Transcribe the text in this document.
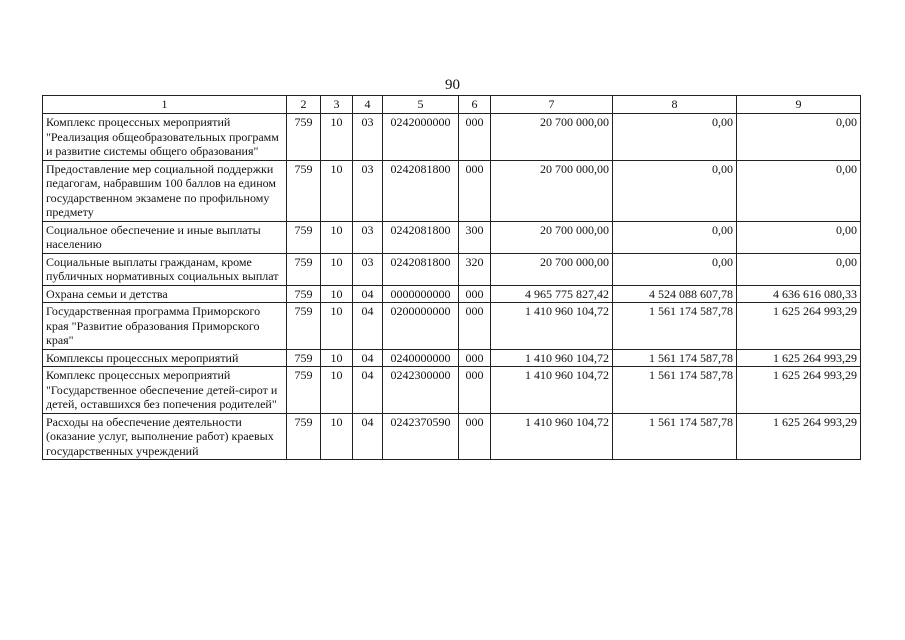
90
1	2	3	4	5	6	7	8	9
Комплекс процессных мероприятий "Реализация общеобразовательных программ и развитие системы общего образования"	759	10	03	0242000000	000	20 700 000,00	0,00	0,00
Предоставление мер социальной поддержки педагогам, набравшим 100 баллов на едином государственном экзамене по профильному предмету	759	10	03	0242081800	000	20 700 000,00	0,00	0,00
Социальное обеспечение и иные выплаты населению	759	10	03	0242081800	300	20 700 000,00	0,00	0,00
Социальные выплаты гражданам, кроме публичных нормативных социальных выплат	759	10	03	0242081800	320	20 700 000,00	0,00	0,00
Охрана семьи и детства	759	10	04	0000000000	000	4 965 775 827,42	4 524 088 607,78	4 636 616 080,33
Государственная программа Приморского края "Развитие образования Приморского края"	759	10	04	0200000000	000	1 410 960 104,72	1 561 174 587,78	1 625 264 993,29
Комплексы процессных мероприятий	759	10	04	0240000000	000	1 410 960 104,72	1 561 174 587,78	1 625 264 993,29
Комплекс процессных мероприятий "Государственное обеспечение детей-сирот и детей, оставшихся без попечения родителей"	759	10	04	0242300000	000	1 410 960 104,72	1 561 174 587,78	1 625 264 993,29
Расходы на обеспечение деятельности (оказание услуг, выполнение работ) краевых государственных учреждений	759	10	04	0242370590	000	1 410 960 104,72	1 561 174 587,78	1 625 264 993,29
